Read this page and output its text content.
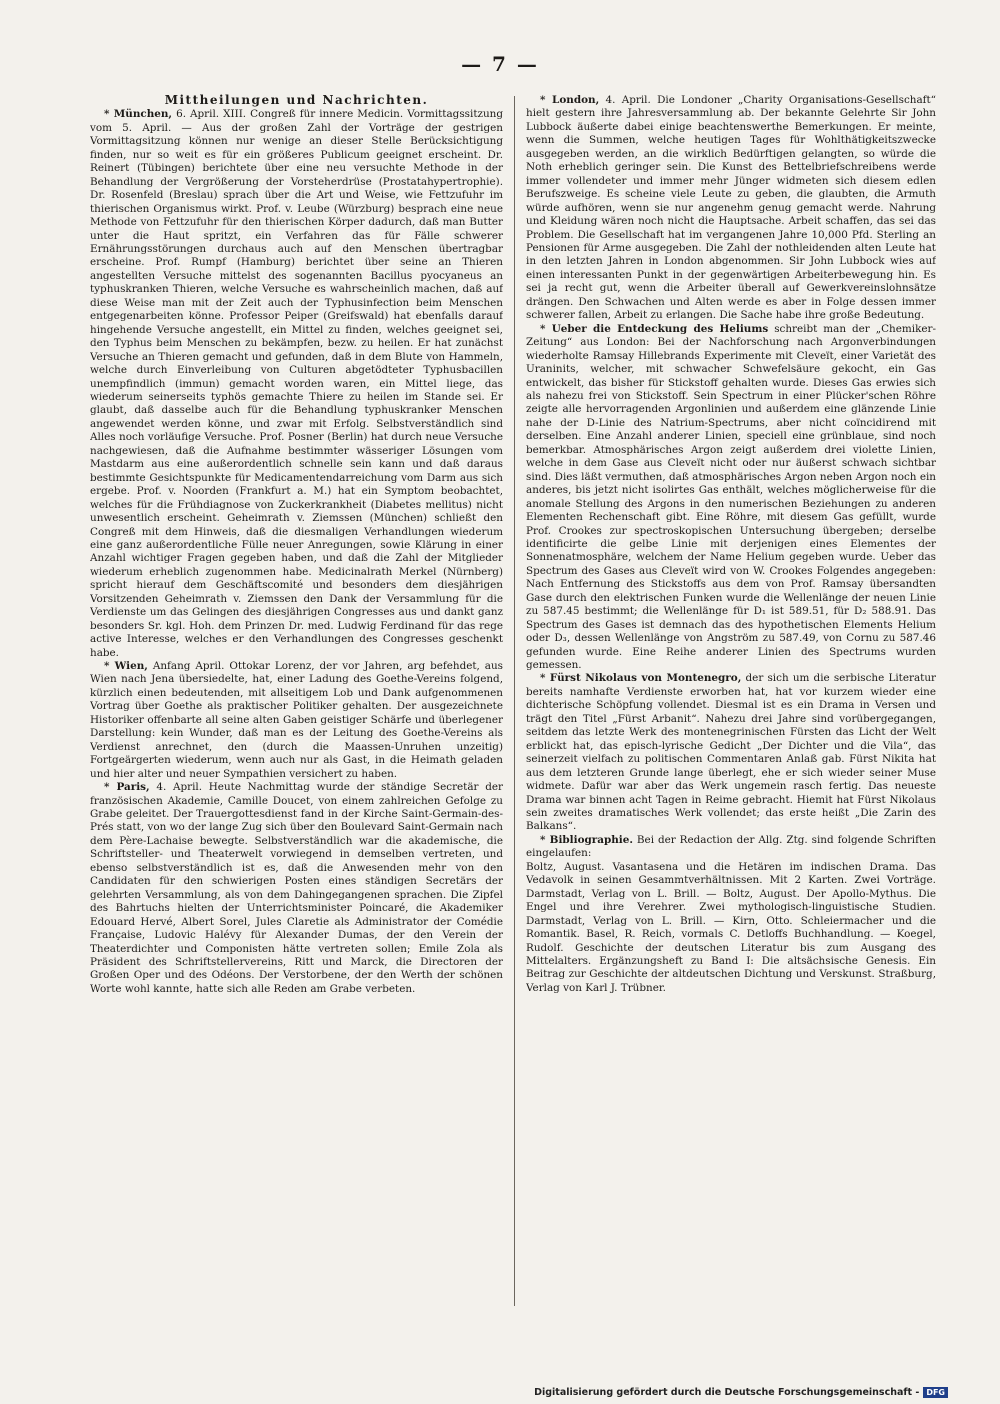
— 7 —
Mittheilungen und Nachrichten.

* München, 6. April. XIII. Congreß für innere Medicin. Vormittagssitzung vom 5. April. — Aus der großen Zahl der Vorträge der gestrigen Vormittagsitzung können nur wenige an dieser Stelle Berücksichtigung finden, nur so weit es für ein größeres Publicum geeignet erscheint. Dr. Reinert (Tübingen) berichtete über eine neu versuchte Methode in der Behandlung der Vergrößerung der Vorsteherdrüse (Prostatahypertrophie). Dr. Rosenfeld (Breslau) sprach über die Art und Weise, wie Fettzufuhr im thierischen Organismus wirkt. Prof. v. Leube (Würzburg) besprach eine neue Methode von Fettzufuhr für den thierischen Körper dadurch, daß man Butter unter die Haut spritzt, ein Verfahren das für Fälle schwerer Ernährungsstörungen durchaus auch auf den Menschen übertragbar erscheine. Prof. Rumpf (Hamburg) berichtet über seine an Thieren angestellten Versuche mittelst des sogenannten Bacillus pyocyaneus an typhuskranken Thieren, welche Versuche es wahrscheinlich machen, daß auf diese Weise man mit der Zeit auch der Typhusinfection beim Menschen entgegenarbeiten könne. Professor Peiper (Greifswald) hat ebenfalls darauf hingehende Versuche angestellt, ein Mittel zu finden, welches geeignet sei, den Typhus beim Menschen zu bekämpfen, bezw. zu heilen. Er hat zunächst Versuche an Thieren gemacht und gefunden, daß in dem Blute von Hammeln, welche durch Einverleibung von Culturen abgetödteter Typhusbacillen unempfindlich (immun) gemacht worden waren, ein Mittel liege, das wiederum seinerseits typhös gemachte Thiere zu heilen im Stande sei. Er glaubt, daß dasselbe auch für die Behandlung typhuskranker Menschen angewendet werden könne, und zwar mit Erfolg. Selbstverständlich sind Alles noch vorläufige Versuche. Prof. Posner (Berlin) hat durch neue Versuche nachgewiesen, daß die Aufnahme bestimmter wässeriger Lösungen vom Mastdarm aus eine außerordentlich schnelle sein kann und daß daraus bestimmte Gesichtspunkte für Medicamentendarreichung vom Darm aus sich ergebe. Prof. v. Noorden (Frankfurt a. M.) hat ein Symptom beobachtet, welches für die Frühdiagnose von Zuckerkrankheit (Diabetes mellitus) nicht unwesentlich erscheint. Geheimrath v. Ziemssen (München) schließt den Congreß mit dem Hinweis, daß die diesmaligen Verhandlungen wiederum eine ganz außerordentliche Fülle neuer Anregungen, sowie Klärung in einer Anzahl wichtiger Fragen gegeben haben, und daß die Zahl der Mitglieder wiederum erheblich zugenommen habe. Medicinalrath Merkel (Nürnberg) spricht hierauf dem Geschäftscomité und besonders dem diesjährigen Vorsitzenden Geheimrath v. Ziemssen den Dank der Versammlung für die Verdienste um das Gelingen des diesjährigen Congresses aus und dankt ganz besonders Sr. kgl. Hoh. dem Prinzen Dr. med. Ludwig Ferdinand für das rege active Interesse, welches er den Verhandlungen des Congresses geschenkt habe.

* Wien, Anfang April. Ottokar Lorenz, der vor Jahren, arg befehdet, aus Wien nach Jena übersiedelte, hat, einer Ladung des Goethe-Vereins folgend, kürzlich einen bedeutenden, mit allseitigem Lob und Dank aufgenommenen Vortrag über Goethe als praktischer Politiker gehalten. Der ausgezeichnete Historiker offenbarte all seine alten Gaben geistiger Schärfe und überlegener Darstellung: kein Wunder, daß man es der Leitung des Goethe-Vereins als Verdienst anrechnet, den (durch die Maassen-Unruhen unzeitig) Fortgeärgerten wiederum, wenn auch nur als Gast, in die Heimath geladen und hier alter und neuer Sympathien versichert zu haben.

* Paris, 4. April. Heute Nachmittag wurde der ständige Secretär der französischen Akademie, Camille Doucet, von einem zahlreichen Gefolge zu Grabe geleitet. Der Trauergottesdienst fand in der Kirche Saint-Germain-des-Prés statt, von wo der lange Zug sich über den Boulevard Saint-Germain nach dem Père-Lachaise bewegte. Selbstverständlich war die akademische, die Schriftsteller- und Theaterwelt vorwiegend in demselben vertreten, und ebenso selbstverständlich ist es, daß die Anwesenden mehr von den Candidaten für den schwierigen Posten eines ständigen Secretärs der gelehrten Versammlung, als von dem Dahingegangenen sprachen. Die Zipfel des Bahrtuchs hielten der Unterrichtsminister Poincaré, die Akademiker Edouard Hervé, Albert Sorel, Jules Claretie als Administrator der Comédie Française, Ludovic Halévy für Alexander Dumas, der den Verein der Theaterdichter und Componisten hätte vertreten sollen; Emile Zola als Präsident des Schriftstellervereins, Ritt und Marck, die Directoren der Großen Oper und des Odéons. Der Verstorbene, der den Werth der schönen Worte wohl kannte, hatte sich alle Reden am Grabe verbeten.

* London, 4. April. Die Londoner „Charity Organisations-Gesellschaft“ hielt gestern ihre Jahresversammlung ab. Der bekannte Gelehrte Sir John Lubbock äußerte dabei einige beachtenswerthe Bemerkungen. Er meinte, wenn die Summen, welche heutigen Tages für Wohlthätigkeitszwecke ausgegeben werden, an die wirklich Bedürftigen gelangten, so würde die Noth erheblich geringer sein. Die Kunst des Bettelbriefschreibens werde immer vollendeter und immer mehr Jünger widmeten sich diesem edlen Berufszweige. Es scheine viele Leute zu geben, die glaubten, die Armuth würde aufhören, wenn sie nur angenehm genug gemacht werde. Nahrung und Kleidung wären noch nicht die Hauptsache. Arbeit schaffen, das sei das Problem. Die Gesellschaft hat im vergangenen Jahre 10,000 Pfd. Sterling an Pensionen für Arme ausgegeben. Die Zahl der nothleidenden alten Leute hat in den letzten Jahren in London abgenommen. Sir John Lubbock wies auf einen interessanten Punkt in der gegenwärtigen Arbeiterbewegung hin. Es sei ja recht gut, wenn die Arbeiter überall auf Gewerkvereinslohnsätze drängen. Den Schwachen und Alten werde es aber in Folge dessen immer schwerer fallen, Arbeit zu erlangen. Die Sache habe ihre große Bedeutung.

* Ueber die Entdeckung des Heliums schreibt man der „Chemiker-Zeitung“ aus London: Bei der Nachforschung nach Argonverbindungen wiederholte Ramsay Hillebrands Experimente mit Cleveït, einer Varietät des Uraninits, welcher, mit schwacher Schwefelsäure gekocht, ein Gas entwickelt, das bisher für Stickstoff gehalten wurde. Dieses Gas erwies sich als nahezu frei von Stickstoff. Sein Spectrum in einer Plücker'schen Röhre zeigte alle hervorragenden Argonlinien und außerdem eine glänzende Linie nahe der D-Linie des Natrium-Spectrums, aber nicht coïncidirend mit derselben. Eine Anzahl anderer Linien, speciell eine grünblaue, sind noch bemerkbar. Atmosphärisches Argon zeigt außerdem drei violette Linien, welche in dem Gase aus Cleveït nicht oder nur äußerst schwach sichtbar sind. Dies läßt vermuthen, daß atmosphärisches Argon neben Argon noch ein anderes, bis jetzt nicht isolirtes Gas enthält, welches möglicherweise für die anomale Stellung des Argons in den numerischen Beziehungen zu anderen Elementen Rechenschaft gibt. Eine Röhre, mit diesem Gas gefüllt, wurde Prof. Crookes zur spectroskopischen Untersuchung übergeben; derselbe identificirte die gelbe Linie mit derjenigen eines Elementes der Sonnenatmosphäre, welchem der Name Helium gegeben wurde. Ueber das Spectrum des Gases aus Cleveït wird von W. Crookes Folgendes angegeben: Nach Entfernung des Stickstoffs aus dem von Prof. Ramsay übersandten Gase durch den elektrischen Funken wurde die Wellenlänge der neuen Linie zu 587.45 bestimmt; die Wellenlänge für D₁ ist 589.51, für D₂ 588.91. Das Spectrum des Gases ist demnach das des hypothetischen Elements Helium oder D₃, dessen Wellenlänge von Angström zu 587.49, von Cornu zu 587.46 gefunden wurde. Eine Reihe anderer Linien des Spectrums wurden gemessen.

* Fürst Nikolaus von Montenegro, der sich um die serbische Literatur bereits namhafte Verdienste erworben hat, hat vor kurzem wieder eine dichterische Schöpfung vollendet. Diesmal ist es ein Drama in Versen und trägt den Titel „Fürst Arbanit“. Nahezu drei Jahre sind vorübergegangen, seitdem das letzte Werk des montenegrinischen Fürsten das Licht der Welt erblickt hat, das episch-lyrische Gedicht „Der Dichter und die Vila“, das seinerzeit vielfach zu politischen Commentaren Anlaß gab. Fürst Nikita hat aus dem letzteren Grunde lange überlegt, ehe er sich wieder seiner Muse widmete. Dafür war aber das Werk ungemein rasch fertig. Das neueste Drama war binnen acht Tagen in Reime gebracht. Hiemit hat Fürst Nikolaus sein zweites dramatisches Werk vollendet; das erste heißt „Die Zarin des Balkans“.

* Bibliographie. Bei der Redaction der Allg. Ztg. sind folgende Schriften eingelaufen:

Boltz, August. Vasantasena und die Hetären im indischen Drama. Das Vedavolk in seinen Gesammtverhältnissen. Mit 2 Karten. Zwei Vorträge. Darmstadt, Verlag von L. Brill. — Boltz, August. Der Apollo-Mythus. Die Engel und ihre Verehrer. Zwei mythologisch-linguistische Studien. Darmstadt, Verlag von L. Brill. — Kirn, Otto. Schleiermacher und die Romantik. Basel, R. Reich, vormals C. Detloffs Buchhandlung. — Koegel, Rudolf. Geschichte der deutschen Literatur bis zum Ausgang des Mittelalters. Ergänzungsheft zu Band I: Die altsächsische Genesis. Ein Beitrag zur Geschichte der altdeutschen Dichtung und Verskunst. Straßburg, Verlag von Karl J. Trübner.

Digitalisierung gefördert durch die Deutsche Forschungsgemeinschaft - DFG
